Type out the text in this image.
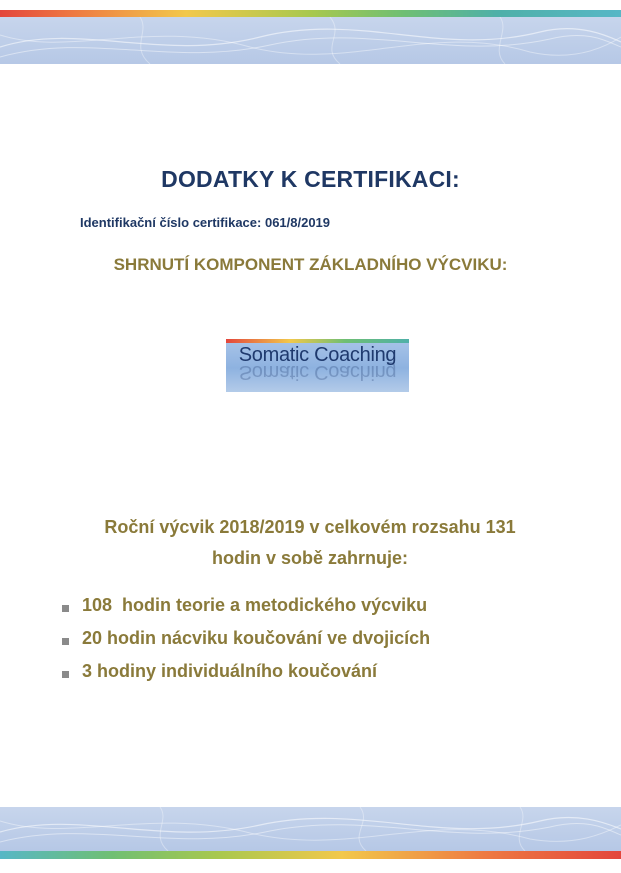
DODATKY K CERTIFIKACI:

Identifikační číslo certifikace: 061/8/2019

SHRNUTÍ KOMPONENT ZÁKLADNÍHO VÝCVIKU:
Somatic Coaching
Somatic Coaching

Roční výcvik 2018/2019 v celkovém rozsahu 131
hodin v sobě zahrnuje:

108  hodin teorie a metodického výcviku
20 hodin nácviku koučování ve dvojicích
3 hodiny individuálního koučování
